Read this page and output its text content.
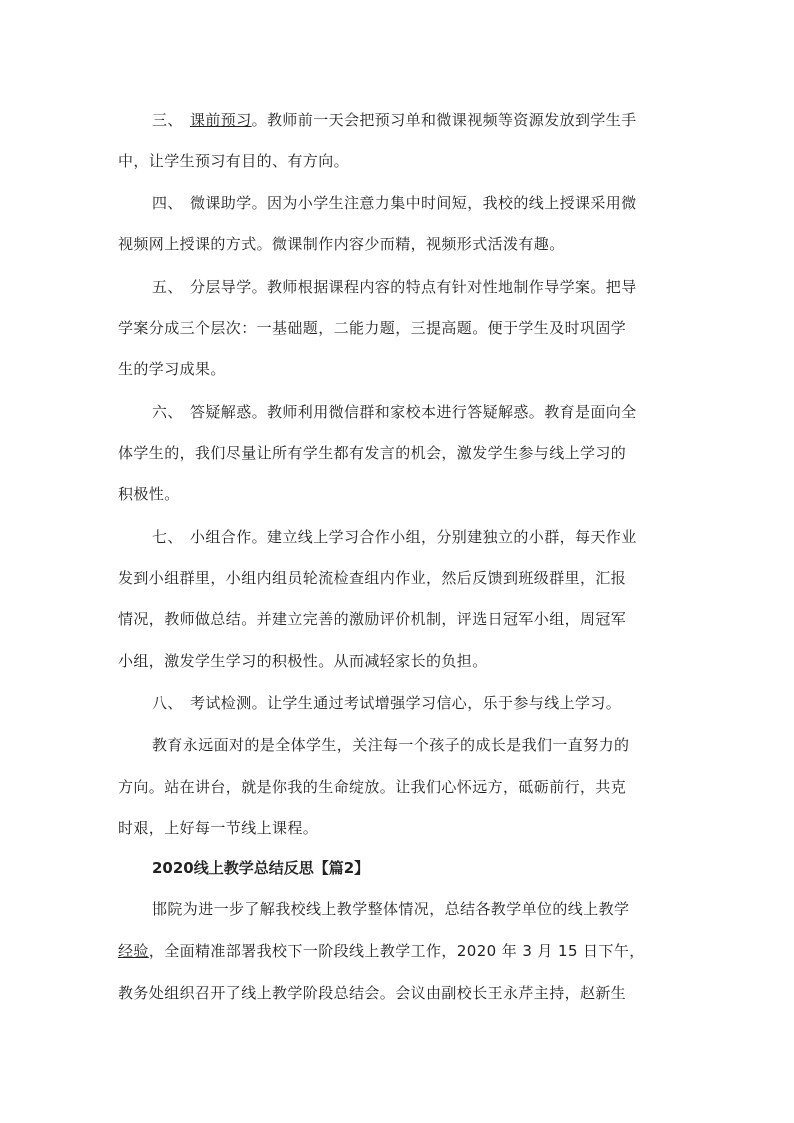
三、 课前预习。教师前一天会把预习单和微课视频等资源发放到学生手
中，让学生预习有目的、有方向。
四、 微课助学。因为小学生注意力集中时间短，我校的线上授课采用微
视频网上授课的方式。微课制作内容少而精，视频形式活泼有趣。
五、 分层导学。教师根据课程内容的特点有针对性地制作导学案。把导
学案分成三个层次：一基础题，二能力题，三提高题。便于学生及时巩固学
生的学习成果。
六、 答疑解惑。教师利用微信群和家校本进行答疑解惑。教育是面向全
体学生的，我们尽量让所有学生都有发言的机会，激发学生参与线上学习的
积极性。
七、 小组合作。建立线上学习合作小组，分别建独立的小群，每天作业
发到小组群里，小组内组员轮流检查组内作业，然后反馈到班级群里，汇报
情况，教师做总结。并建立完善的激励评价机制，评选日冠军小组，周冠军
小组，激发学生学习的积极性。从而减轻家长的负担。
八、 考试检测。让学生通过考试增强学习信心，乐于参与线上学习。
教育永远面对的是全体学生，关注每一个孩子的成长是我们一直努力的
方向。站在讲台，就是你我的生命绽放。让我们心怀远方，砥砺前行，共克
时艰，上好每一节线上课程。
2020线上教学总结反思【篇2】
邯院为进一步了解我校线上教学整体情况，总结各教学单位的线上教学
经验，全面精准部署我校下一阶段线上教学工作，2020 年 3 月 15 日下午，
教务处组织召开了线上教学阶段总结会。会议由副校长王永芹主持，赵新生
